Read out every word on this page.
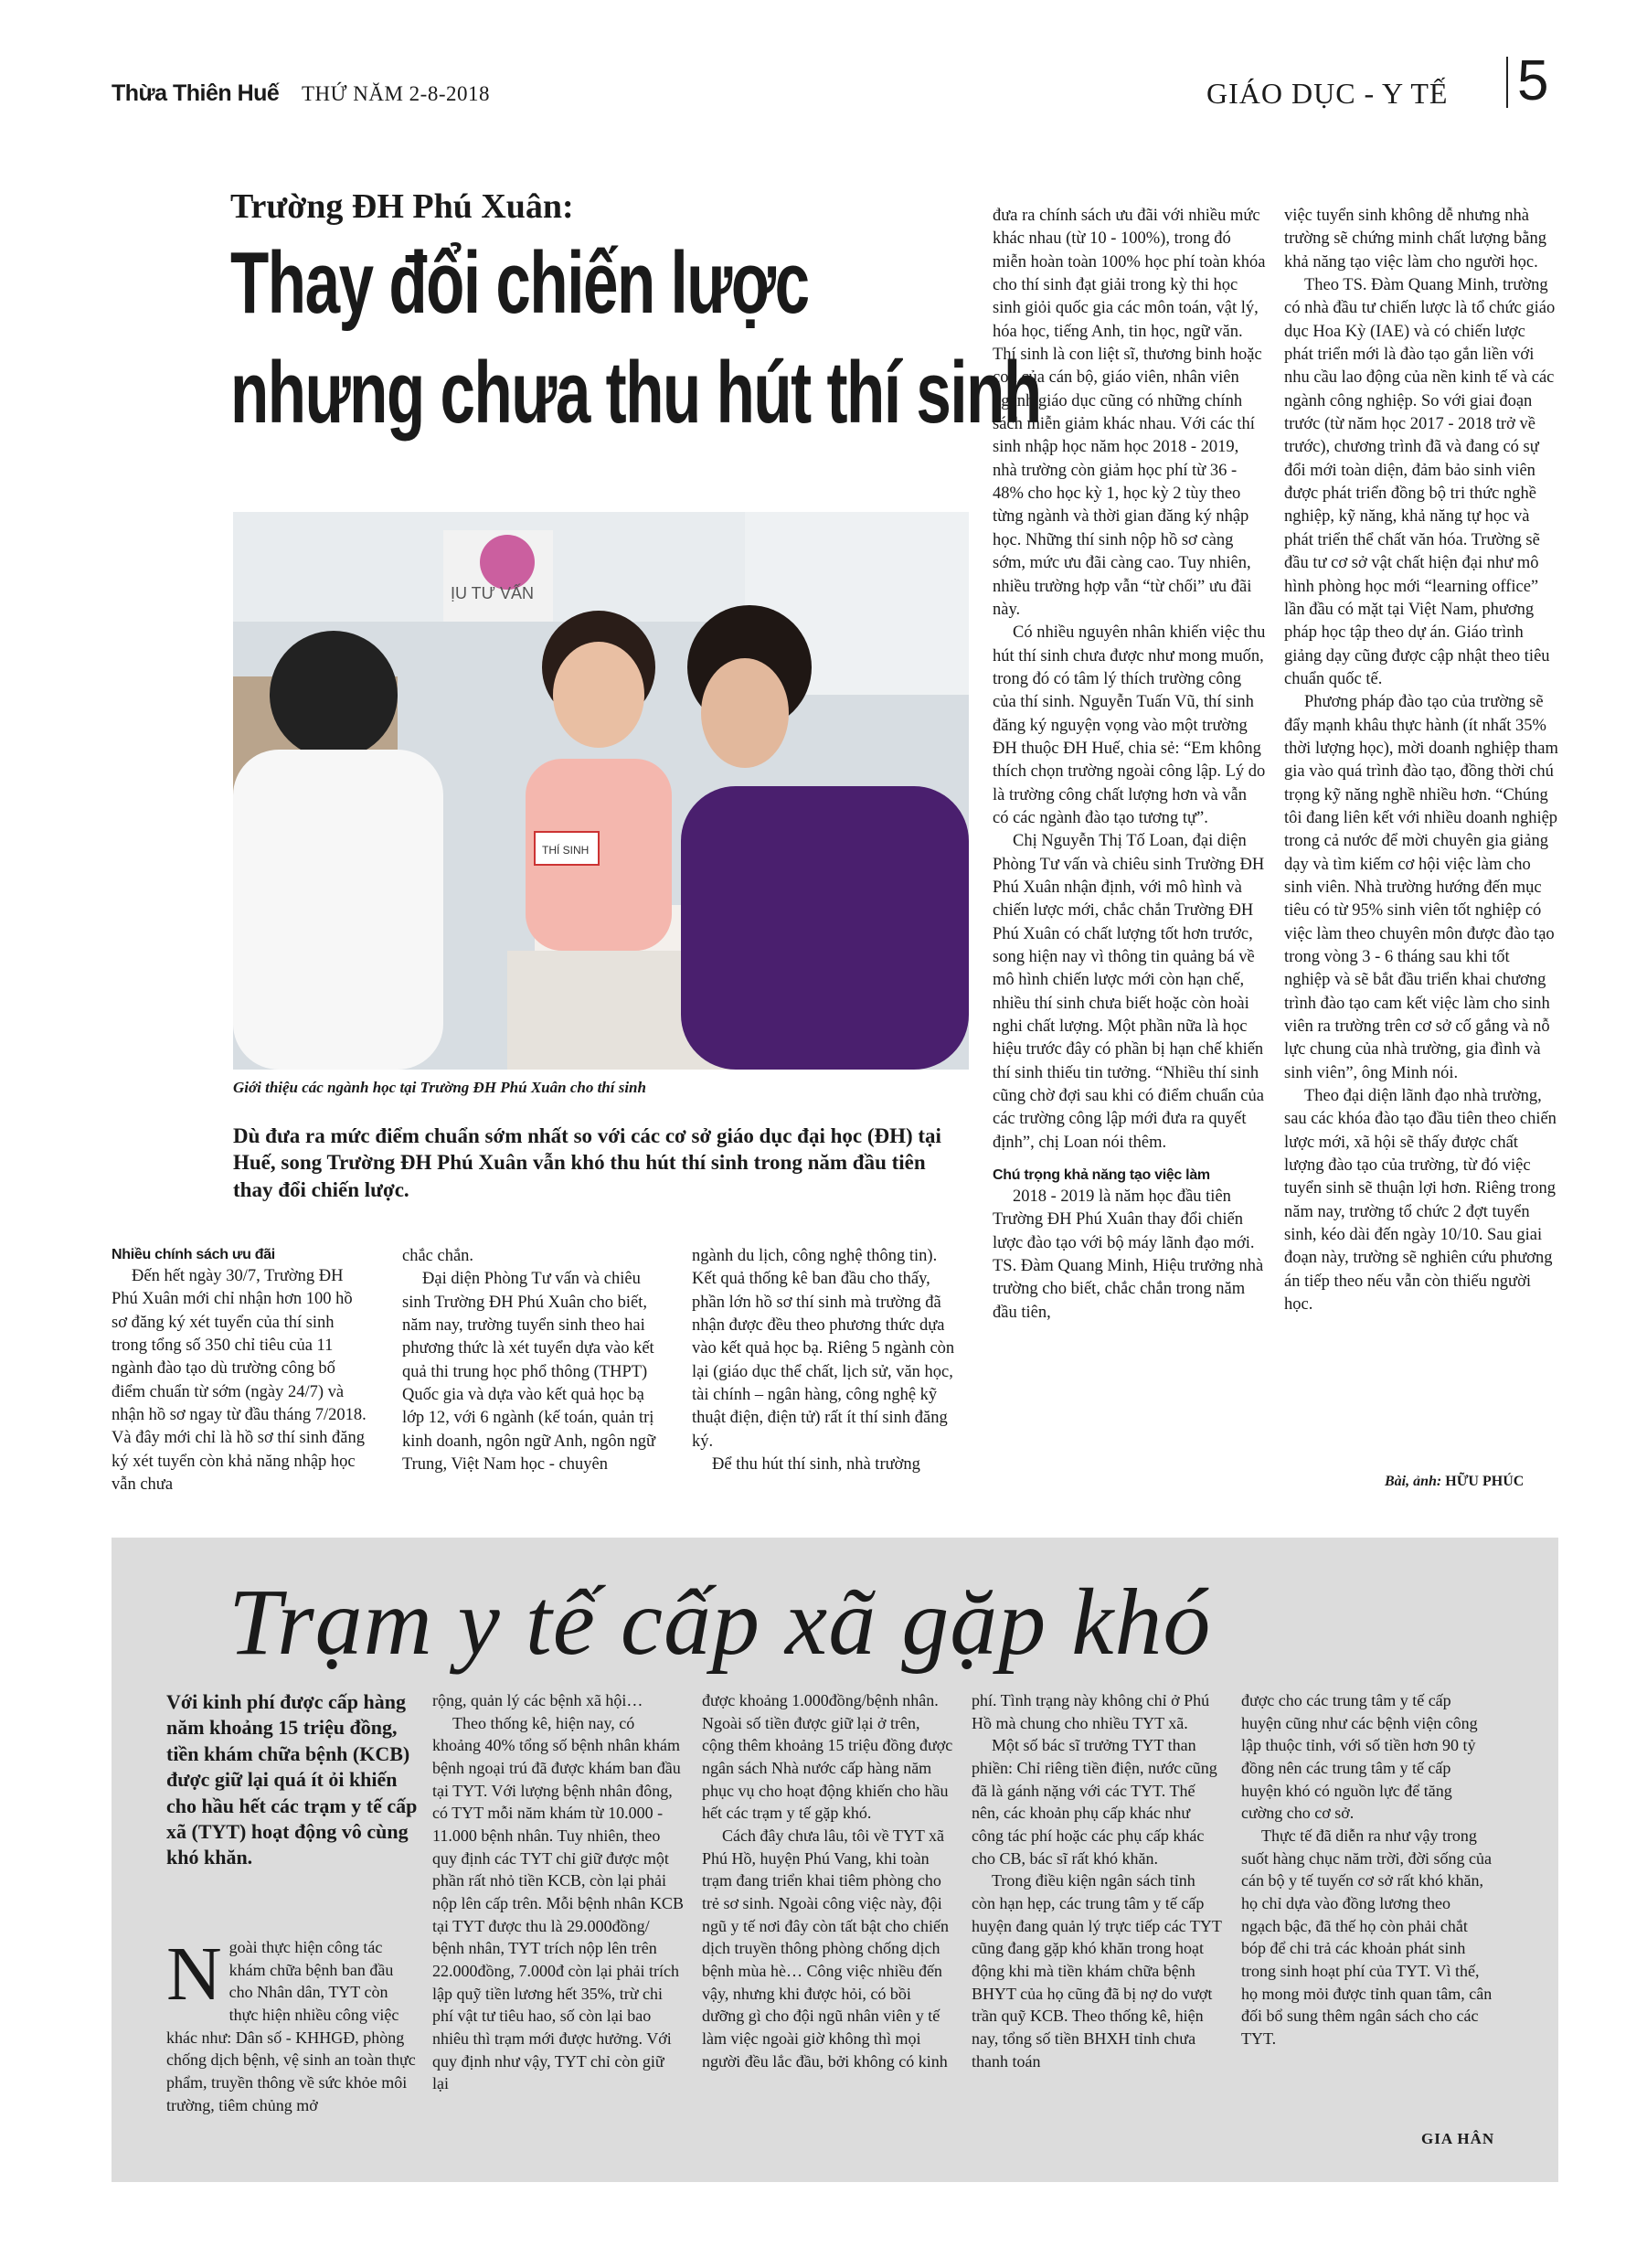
Thừa Thiên Huế THỨ NĂM 2-8-2018	GIÁO DỤC - Y TẾ 5
Trường ĐH Phú Xuân:
Thay đổi chiến lược
nhưng chưa thu hút thí sinh
ỊU TƯ VẤN
THÍ SINH
Giới thiệu các ngành học tại Trường ĐH Phú Xuân cho thí sinh
Dù đưa ra mức điểm chuẩn sớm nhất so với các cơ sở giáo dục đại học (ĐH) tại Huế, song Trường ĐH Phú Xuân vẫn khó thu hút thí sinh trong năm đầu tiên thay đổi chiến lược.
Nhiều chính sách ưu đãi

Đến hết ngày 30/7, Trường ĐH Phú Xuân mới chỉ nhận hơn 100 hồ sơ đăng ký xét tuyển của thí sinh trong tổng số 350 chỉ tiêu của 11 ngành đào tạo dù trường công bố điểm chuẩn từ sớm (ngày 24/7) và nhận hồ sơ ngay từ đầu tháng 7/2018. Và đây mới chỉ là hồ sơ thí sinh đăng ký xét tuyển còn khả năng nhập học vẫn chưa

chắc chắn.

Đại diện Phòng Tư vấn và chiêu sinh Trường ĐH Phú Xuân cho biết, năm nay, trường tuyển sinh theo hai phương thức là xét tuyển dựa vào kết quả thi trung học phổ thông (THPT) Quốc gia và dựa vào kết quả học bạ lớp 12, với 6 ngành (kế toán, quản trị kinh doanh, ngôn ngữ Anh, ngôn ngữ Trung, Việt Nam học - chuyên

ngành du lịch, công nghệ thông tin). Kết quả thống kê ban đầu cho thấy, phần lớn hồ sơ thí sinh mà trường đã nhận được đều theo phương thức dựa vào kết quả học bạ. Riêng 5 ngành còn lại (giáo dục thể chất, lịch sử, văn học, tài chính – ngân hàng, công nghệ kỹ thuật điện, điện tử) rất ít thí sinh đăng ký.

Để thu hút thí sinh, nhà trường

đưa ra chính sách ưu đãi với nhiều mức khác nhau (từ 10 - 100%), trong đó miễn hoàn toàn 100% học phí toàn khóa cho thí sinh đạt giải trong kỳ thi học sinh giỏi quốc gia các môn toán, vật lý, hóa học, tiếng Anh, tin học, ngữ văn. Thí sinh là con liệt sĩ, thương binh hoặc con của cán bộ, giáo viên, nhân viên ngành giáo dục cũng có những chính sách miễn giảm khác nhau. Với các thí sinh nhập học năm học 2018 - 2019, nhà trường còn giảm học phí từ 36 - 48% cho học kỳ 1, học kỳ 2 tùy theo từng ngành và thời gian đăng ký nhập học. Những thí sinh nộp hồ sơ càng sớm, mức ưu đãi càng cao. Tuy nhiên, nhiều trường hợp vẫn “từ chối” ưu đãi này.

Có nhiều nguyên nhân khiến việc thu hút thí sinh chưa được như mong muốn, trong đó có tâm lý thích trường công của thí sinh. Nguyễn Tuấn Vũ, thí sinh đăng ký nguyện vọng vào một trường ĐH thuộc ĐH Huế, chia sẻ: “Em không thích chọn trường ngoài công lập. Lý do là trường công chất lượng hơn và vẫn có các ngành đào tạo tương tự”.

Chị Nguyễn Thị Tố Loan, đại diện Phòng Tư vấn và chiêu sinh Trường ĐH Phú Xuân nhận định, với mô hình và chiến lược mới, chắc chắn Trường ĐH Phú Xuân có chất lượng tốt hơn trước, song hiện nay vì thông tin quảng bá về mô hình chiến lược mới còn hạn chế, nhiều thí sinh chưa biết hoặc còn hoài nghi chất lượng. Một phần nữa là học hiệu trước đây có phần bị hạn chế khiến thí sinh thiếu tin tưởng. “Nhiều thí sinh cũng chờ đợi sau khi có điểm chuẩn của các trường công lập mới đưa ra quyết định”, chị Loan nói thêm.

Chú trọng khả năng tạo việc làm

2018 - 2019 là năm học đầu tiên Trường ĐH Phú Xuân thay đổi chiến lược đào tạo với bộ máy lãnh đạo mới. TS. Đàm Quang Minh, Hiệu trưởng nhà trường cho biết, chắc chắn trong năm đầu tiên,

việc tuyển sinh không dễ nhưng nhà trường sẽ chứng minh chất lượng bằng khả năng tạo việc làm cho người học.

Theo TS. Đàm Quang Minh, trường có nhà đầu tư chiến lược là tổ chức giáo dục Hoa Kỳ (IAE) và có chiến lược phát triển mới là đào tạo gắn liền với nhu cầu lao động của nền kinh tế và các ngành công nghiệp. So với giai đoạn trước (từ năm học 2017 - 2018 trở về trước), chương trình đã và đang có sự đổi mới toàn diện, đảm bảo sinh viên được phát triển đồng bộ tri thức nghề nghiệp, kỹ năng, khả năng tự học và phát triển thể chất văn hóa. Trường sẽ đầu tư cơ sở vật chất hiện đại như mô hình phòng học mới “learning office” lần đầu có mặt tại Việt Nam, phương pháp học tập theo dự án. Giáo trình giảng dạy cũng được cập nhật theo tiêu chuẩn quốc tế.

Phương pháp đào tạo của trường sẽ đẩy mạnh khâu thực hành (ít nhất 35% thời lượng học), mời doanh nghiệp tham gia vào quá trình đào tạo, đồng thời chú trọng kỹ năng nghề nhiều hơn. “Chúng tôi đang liên kết với nhiều doanh nghiệp trong cả nước để mời chuyên gia giảng dạy và tìm kiếm cơ hội việc làm cho sinh viên. Nhà trường hướng đến mục tiêu có từ 95% sinh viên tốt nghiệp có việc làm theo chuyên môn được đào tạo trong vòng 3 - 6 tháng sau khi tốt nghiệp và sẽ bắt đầu triển khai chương trình đào tạo cam kết việc làm cho sinh viên ra trường trên cơ sở cố gắng và nỗ lực chung của nhà trường, gia đình và sinh viên”, ông Minh nói.

Theo đại diện lãnh đạo nhà trường, sau các khóa đào tạo đầu tiên theo chiến lược mới, xã hội sẽ thấy được chất lượng đào tạo của trường, từ đó việc tuyển sinh sẽ thuận lợi hơn. Riêng trong năm nay, trường tổ chức 2 đợt tuyển sinh, kéo dài đến ngày 10/10. Sau giai đoạn này, trường sẽ nghiên cứu phương án tiếp theo nếu vẫn còn thiếu người học.

Bài, ảnh: HỮU PHÚC
Trạm y tế cấp xã gặp khó
Với kinh phí được cấp hàng năm khoảng 15 triệu đồng, tiền khám chữa bệnh (KCB) được giữ lại quá ít ỏi khiến cho hầu hết các trạm y tế cấp xã (TYT) hoạt động vô cùng khó khăn.

Ngoài thực hiện công tác khám chữa bệnh ban đầu cho Nhân dân, TYT còn thực hiện nhiều công việc khác như: Dân số - KHHGĐ, phòng chống dịch bệnh, vệ sinh an toàn thực phẩm, truyền thông về sức khỏe môi trường, tiêm chủng mở

rộng, quản lý các bệnh xã hội…

Theo thống kê, hiện nay, có khoảng 40% tổng số bệnh nhân khám bệnh ngoại trú đã được khám ban đầu tại TYT. Với lượng bệnh nhân đông, có TYT mỗi năm khám từ 10.000 - 11.000 bệnh nhân. Tuy nhiên, theo quy định các TYT chỉ giữ được một phần rất nhỏ tiền KCB, còn lại phải nộp lên cấp trên. Mỗi bệnh nhân KCB tại TYT được thu là 29.000đồng/ bệnh nhân, TYT trích nộp lên trên 22.000đồng, 7.000đ còn lại phải trích lập quỹ tiền lương hết 35%, trừ chi phí vật tư tiêu hao, số còn lại bao nhiêu thì trạm mới được hưởng. Với quy định như vậy, TYT chỉ còn giữ lại

được khoảng 1.000đồng/bệnh nhân. Ngoài số tiền được giữ lại ở trên, cộng thêm khoảng 15 triệu đồng được ngân sách Nhà nước cấp hàng năm phục vụ cho hoạt động khiến cho hầu hết các trạm y tế gặp khó.

Cách đây chưa lâu, tôi về TYT xã Phú Hồ, huyện Phú Vang, khi toàn trạm đang triển khai tiêm phòng cho trẻ sơ sinh. Ngoài công việc này, đội ngũ y tế nơi đây còn tất bật cho chiến dịch truyền thông phòng chống dịch bệnh mùa hè… Công việc nhiều đến vậy, nhưng khi được hỏi, có bồi dưỡng gì cho đội ngũ nhân viên y tế làm việc ngoài giờ không thì mọi người đều lắc đầu, bởi không có kinh

phí. Tình trạng này không chỉ ở Phú Hồ mà chung cho nhiều TYT xã.

Một số bác sĩ trưởng TYT than phiền: Chỉ riêng tiền điện, nước cũng đã là gánh nặng với các TYT. Thế nên, các khoản phụ cấp khác như công tác phí hoặc các phụ cấp khác cho CB, bác sĩ rất khó khăn.

Trong điều kiện ngân sách tỉnh còn hạn hẹp, các trung tâm y tế cấp huyện đang quản lý trực tiếp các TYT cũng đang gặp khó khăn trong hoạt động khi mà tiền khám chữa bệnh BHYT của họ cũng đã bị nợ do vượt trần quỹ KCB. Theo thống kê, hiện nay, tổng số tiền BHXH tỉnh chưa thanh toán

được cho các trung tâm y tế cấp huyện cũng như các bệnh viện công lập thuộc tỉnh, với số tiền hơn 90 tỷ đồng nên các trung tâm y tế cấp huyện khó có nguồn lực để tăng cường cho cơ sở.

Thực tế đã diễn ra như vậy trong suốt hàng chục năm trời, đời sống của cán bộ y tế tuyến cơ sở rất khó khăn, họ chỉ dựa vào đồng lương theo ngạch bậc, đã thế họ còn phải chắt bóp để chi trả các khoản phát sinh trong sinh hoạt phí của TYT. Vì thế, họ mong mỏi được tỉnh quan tâm, cân đối bổ sung thêm ngân sách cho các TYT.

GIA HÂN
